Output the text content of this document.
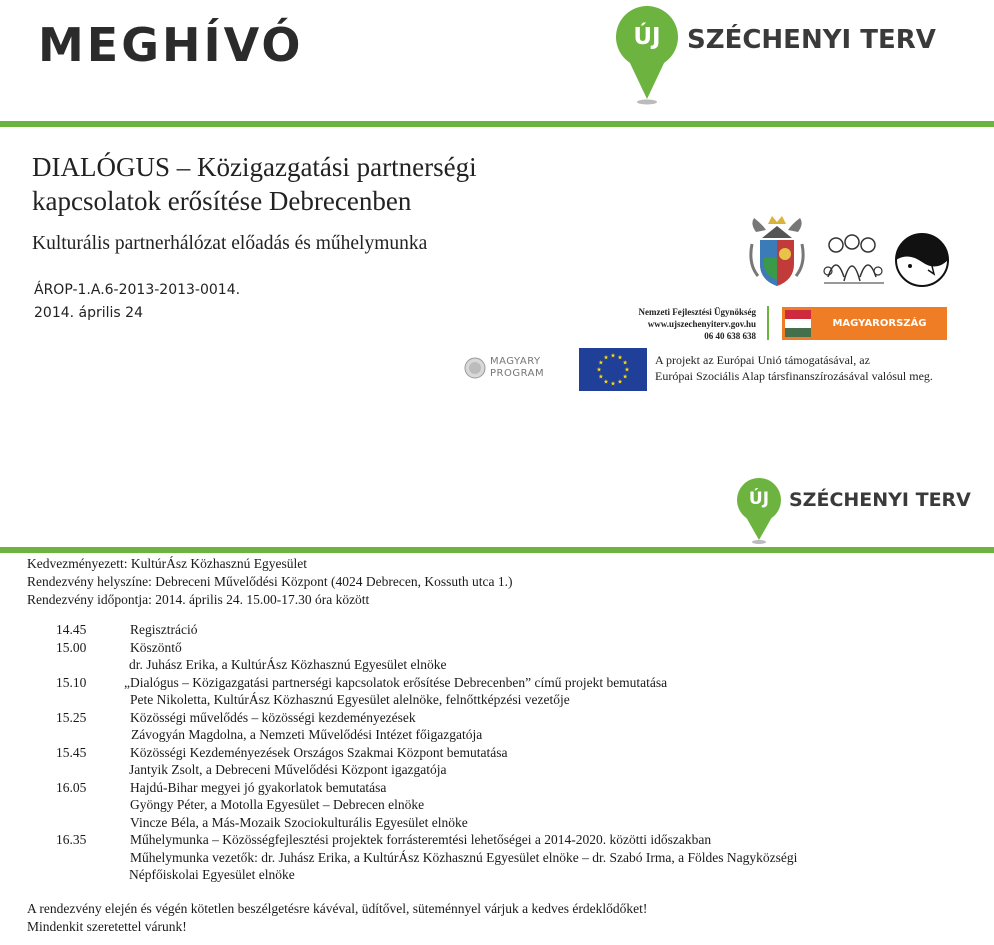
MEGHÍVÓ	ÚJ	SZÉCHENYI TERV
DIALÓGUS – Közigazgatási partnerségi
kapcsolatok erősítése Debrecenben
Kulturális partnerhálózat előadás és műhelymunka
ÁROP-1.A.6-2013-2013-0014.
2014. április 24	Nemzeti Fejlesztési Ügynökség
www.ujszechenyiterv.gov.hu
06 40 638 638
MAGYARORSZÁG MEGÚJUL
MAGYARY
PROGRAM
A projekt az Európai Unió támogatásával, az
Európai Szociális Alap társfinanszírozásával valósul meg.
ÚJ	SZÉCHENYI TERV
Kedvezményezett: KultúrÁsz Közhasznú Egyesület
Rendezvény helyszíne: Debreceni Művelődési Központ (4024 Debrecen, Kossuth utca 1.)
Rendezvény időpontja: 2014. április 24. 15.00-17.30 óra között
14.45	Regisztráció
15.00	Köszöntő
dr. Juhász Erika, a KultúrÁsz Közhasznú Egyesület elnöke
15.10	„Dialógus – Közigazgatási partnerségi kapcsolatok erősítése Debrecenben” című projekt bemutatása
Pete Nikoletta, KultúrÁsz Közhasznú Egyesület alelnöke, felnőttképzési vezetője
15.25	Közösségi művelődés – közösségi kezdeményezések
Závogyán Magdolna, a Nemzeti Művelődési Intézet főigazgatója
15.45	Közösségi Kezdeményezések Országos Szakmai Központ bemutatása
Jantyik Zsolt, a Debreceni Művelődési Központ igazgatója
16.05	Hajdú-Bihar megyei jó gyakorlatok bemutatása
Gyöngy Péter, a Motolla Egyesület – Debrecen elnöke
Vincze Béla, a Más-Mozaik Szociokulturális Egyesület elnöke
16.35	Műhelymunka – Közösségfejlesztési projektek forrásteremtési lehetőségei a 2014-2020. közötti időszakban
Műhelymunka vezetők: dr. Juhász Erika, a KultúrÁsz Közhasznú Egyesület elnöke – dr. Szabó Irma, a Földes Nagyközségi
Népfőiskolai Egyesület elnöke
A rendezvény elején és végén kötetlen beszélgetésre kávéval, üdítővel, süteménnyel várjuk a kedves érdeklődőket!
Mindenkit szeretettel várunk!
